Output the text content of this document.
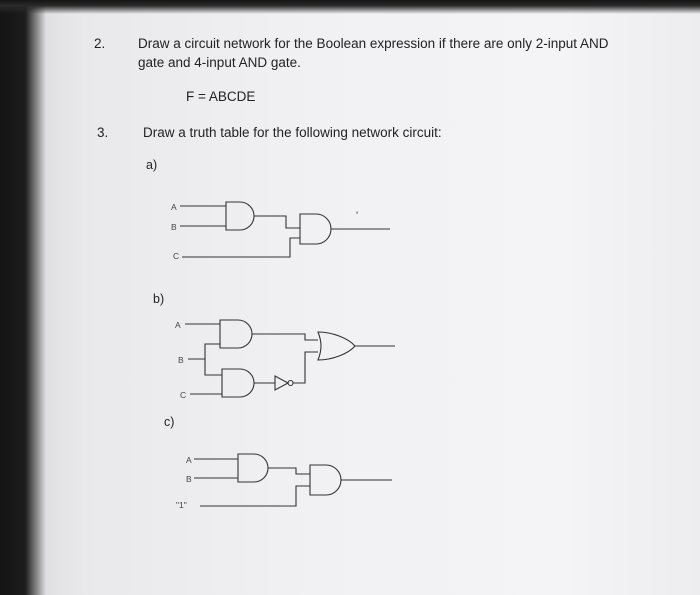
2. Draw a circuit network for the Boolean expression if there are only 2-input AND
gate and 4-input AND gate.
F = ABCDE
3.	Draw a truth table for the following network circuit:
a)
b)
c)
A
B
C
'
A
B
C
A
B
"1"
